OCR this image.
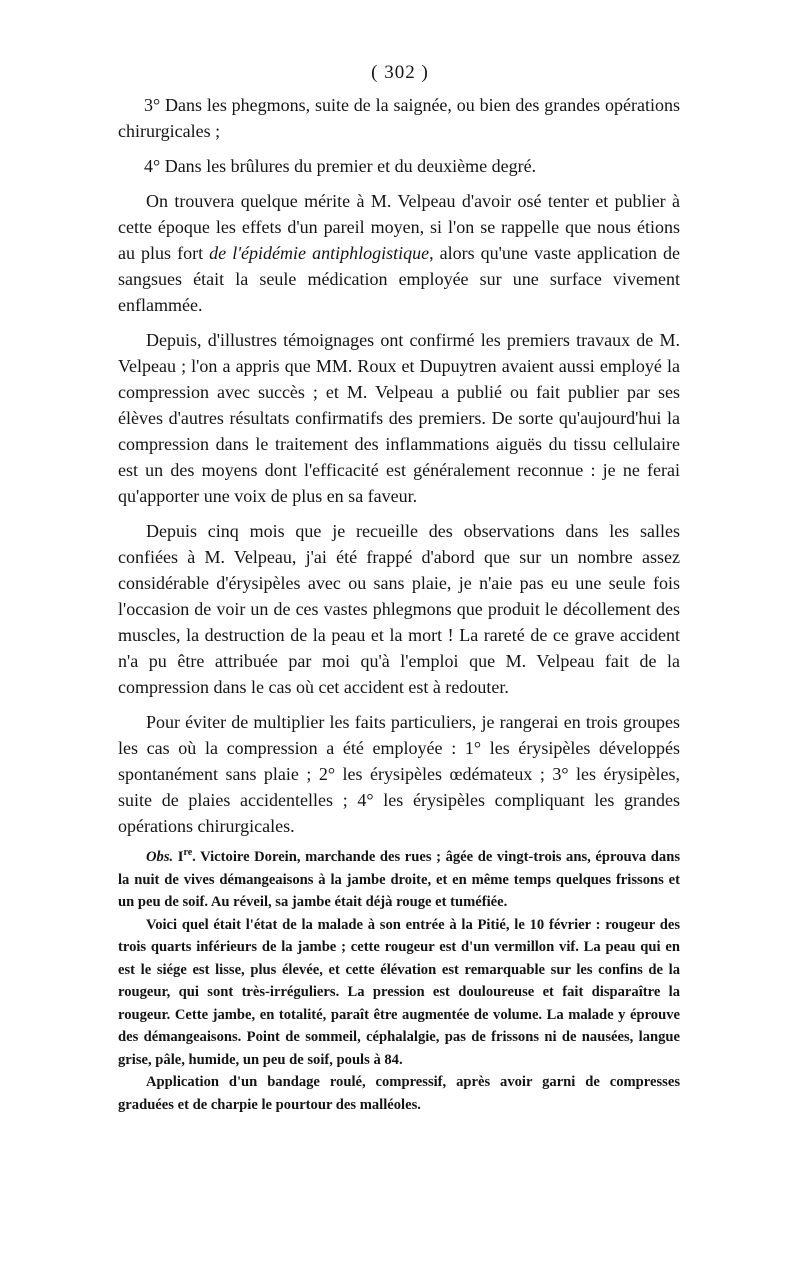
( 302 )

3° Dans les phegmons, suite de la saignée, ou bien des grandes opérations chirurgicales ;

4° Dans les brûlures du premier et du deuxième degré.

On trouvera quelque mérite à M. Velpeau d'avoir osé tenter et publier à cette époque les effets d'un pareil moyen, si l'on se rappelle que nous étions au plus fort de l'épidémie antiphlogistique, alors qu'une vaste application de sangsues était la seule médication employée sur une surface vivement enflammée.

Depuis, d'illustres témoignages ont confirmé les premiers travaux de M. Velpeau ; l'on a appris que MM. Roux et Dupuytren avaient aussi employé la compression avec succès ; et M. Velpeau a publié ou fait publier par ses élèves d'autres résultats confirmatifs des premiers. De sorte qu'aujourd'hui la compression dans le traitement des inflammations aiguës du tissu cellulaire est un des moyens dont l'efficacité est généralement reconnue : je ne ferai qu'apporter une voix de plus en sa faveur.

Depuis cinq mois que je recueille des observations dans les salles confiées à M. Velpeau, j'ai été frappé d'abord que sur un nombre assez considérable d'érysipèles avec ou sans plaie, je n'aie pas eu une seule fois l'occasion de voir un de ces vastes phlegmons que produit le décollement des muscles, la destruction de la peau et la mort ! La rareté de ce grave accident n'a pu être attribuée par moi qu'à l'emploi que M. Velpeau fait de la compression dans le cas où cet accident est à redouter.

Pour éviter de multiplier les faits particuliers, je rangerai en trois groupes les cas où la compression a été employée : 1° les érysipèles développés spontanément sans plaie ; 2° les érysipèles œdémateux ; 3° les érysipèles, suite de plaies accidentelles ; 4° les érysipèles compliquant les grandes opérations chirurgicales.

Obs. Ire. Victoire Dorein, marchande des rues ; âgée de vingt-trois ans, éprouva dans la nuit de vives démangeaisons à la jambe droite, et en même temps quelques frissons et un peu de soif. Au réveil, sa jambe était déjà rouge et tuméfiée.

Voici quel était l'état de la malade à son entrée à la Pitié, le 10 février : rougeur des trois quarts inférieurs de la jambe ; cette rougeur est d'un vermillon vif. La peau qui en est le siége est lisse, plus élevée, et cette élévation est remarquable sur les confins de la rougeur, qui sont très-irréguliers. La pression est douloureuse et fait disparaître la rougeur. Cette jambe, en totalité, paraît être augmentée de volume. La malade y éprouve des démangeaisons. Point de sommeil, céphalalgie, pas de frissons ni de nausées, langue grise, pâle, humide, un peu de soif, pouls à 84.

Application d'un bandage roulé, compressif, après avoir garni de compresses graduées et de charpie le pourtour des malléoles.
